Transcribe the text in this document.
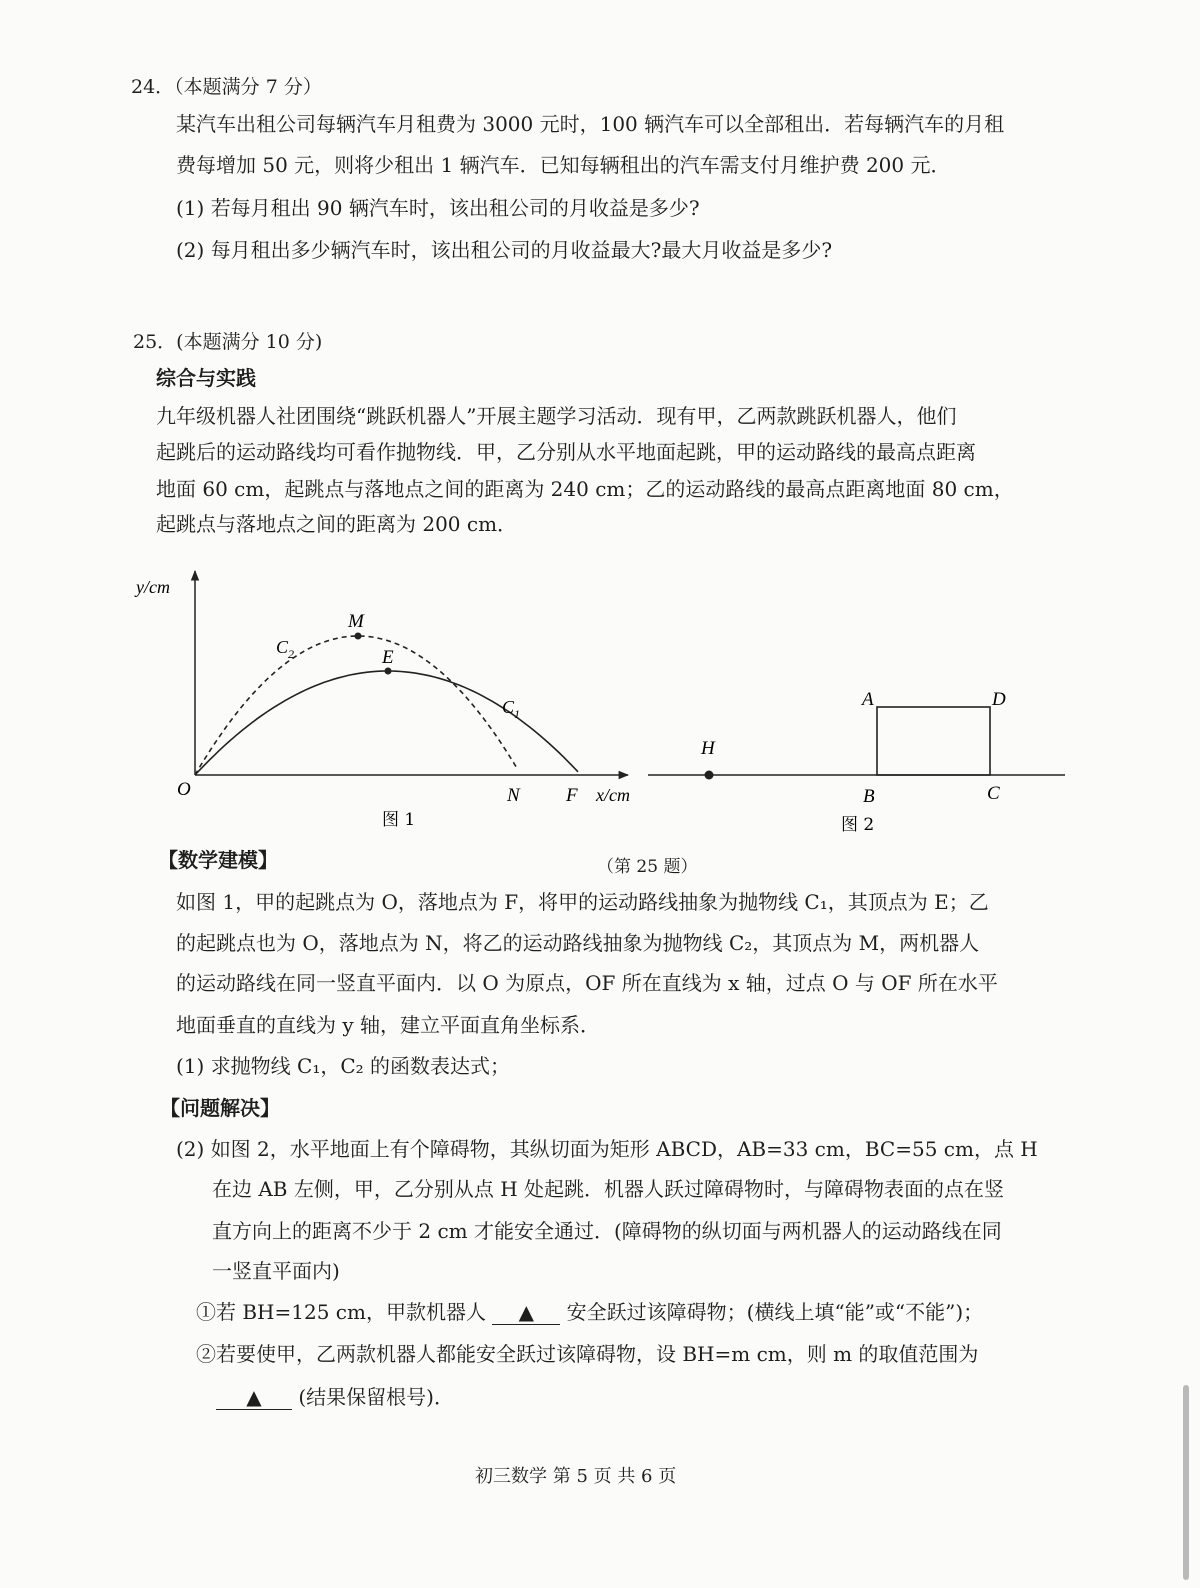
24．（本题满分 7 分）
某汽车出租公司每辆汽车月租费为 3000 元时，100 辆汽车可以全部租出．若每辆汽车的月租
费每增加 50 元，则将少租出 1 辆汽车．已知每辆租出的汽车需支付月维护费 200 元．
(1) 若每月租出 90 辆汽车时，该出租公司的月收益是多少?
(2) 每月租出多少辆汽车时，该出租公司的月收益最大?最大月收益是多少?
25．(本题满分 10 分)
综合与实践
九年级机器人社团围绕“跳跃机器人”开展主题学习活动．现有甲，乙两款跳跃机器人，他们
起跳后的运动路线均可看作抛物线．甲，乙分别从水平地面起跳，甲的运动路线的最高点距离
地面 60 cm，起跳点与落地点之间的距离为 240 cm；乙的运动路线的最高点距离地面 80 cm，
起跳点与落地点之间的距离为 200 cm．
y/cm
O
M
E
N F x/cm
$C_2$
$C_1$
图 1
H
A	D
B	C
图 2
【数学建模】	（第 25 题）
如图 1，甲的起跳点为 O，落地点为 F，将甲的运动路线抽象为抛物线 C₁，其顶点为 E；乙
的起跳点也为 O，落地点为 N，将乙的运动路线抽象为抛物线 C₂，其顶点为 M，两机器人
的运动路线在同一竖直平面内．以 O 为原点，OF 所在直线为 x 轴，过点 O 与 OF 所在水平
地面垂直的直线为 y 轴，建立平面直角坐标系．
(1) 求抛物线 C₁，C₂ 的函数表达式；
【问题解决】
(2) 如图 2，水平地面上有个障碍物，其纵切面为矩形 ABCD，AB=33 cm，BC=55 cm，点 H
在边 AB 左侧，甲，乙分别从点 H 处起跳．机器人跃过障碍物时，与障碍物表面的点在竖
直方向上的距离不少于 2 cm 才能安全通过．(障碍物的纵切面与两机器人的运动路线在同
一竖直平面内)
①若 BH=125 cm，甲款机器人 ▲ 安全跃过该障碍物；(横线上填“能”或“不能”)；
②若要使甲，乙两款机器人都能安全跃过该障碍物，设 BH=m cm，则 m 的取值范围为
▲ (结果保留根号)．
初三数学 第 5 页 共 6 页
